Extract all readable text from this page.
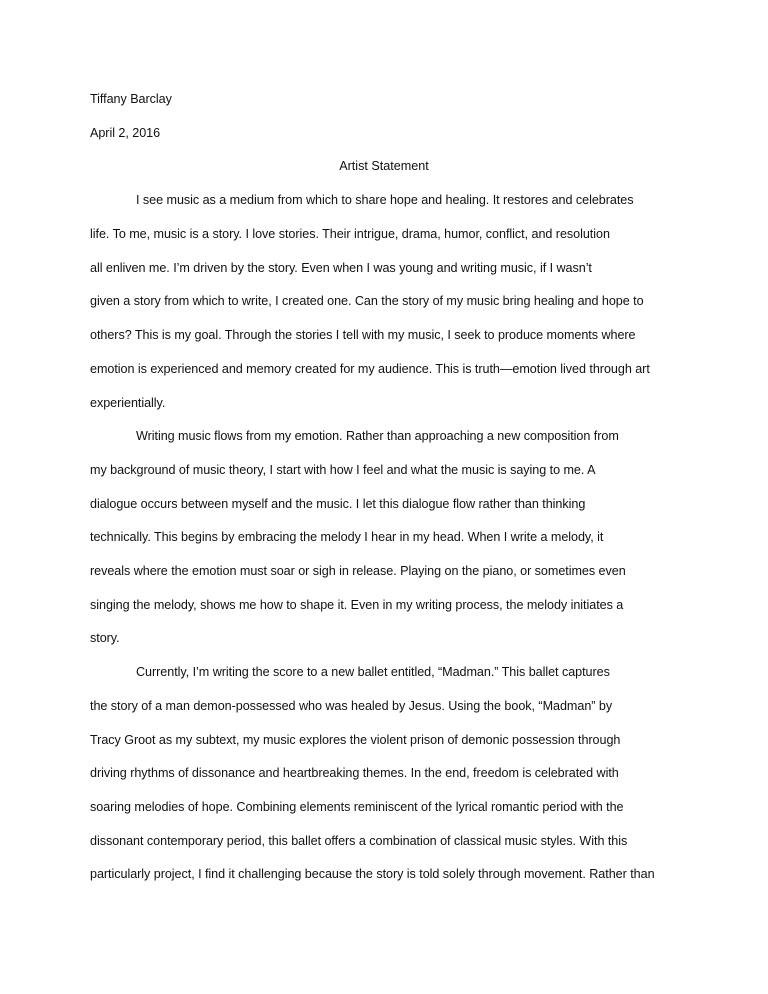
Tiffany Barclay
April 2, 2016
Artist Statement
I see music as a medium from which to share hope and healing. It restores and celebrates
life. To me, music is a story. I love stories. Their intrigue, drama, humor, conflict, and resolution
all enliven me. I’m driven by the story. Even when I was young and writing music, if I wasn’t
given a story from which to write, I created one. Can the story of my music bring healing and hope to
others? This is my goal. Through the stories I tell with my music, I seek to produce moments where
emotion is experienced and memory created for my audience. This is truth—emotion lived through art
experientially.
Writing music flows from my emotion. Rather than approaching a new composition from
my background of music theory, I start with how I feel and what the music is saying to me. A
dialogue occurs between myself and the music. I let this dialogue flow rather than thinking
technically. This begins by embracing the melody I hear in my head. When I write a melody, it
reveals where the emotion must soar or sigh in release. Playing on the piano, or sometimes even
singing the melody, shows me how to shape it. Even in my writing process, the melody initiates a
story.
Currently, I’m writing the score to a new ballet entitled, “Madman.” This ballet captures
the story of a man demon-possessed who was healed by Jesus. Using the book, “Madman” by
Tracy Groot as my subtext, my music explores the violent prison of demonic possession through
driving rhythms of dissonance and heartbreaking themes. In the end, freedom is celebrated with
soaring melodies of hope. Combining elements reminiscent of the lyrical romantic period with the
dissonant contemporary period, this ballet offers a combination of classical music styles. With this
particularly project, I find it challenging because the story is told solely through movement. Rather than
